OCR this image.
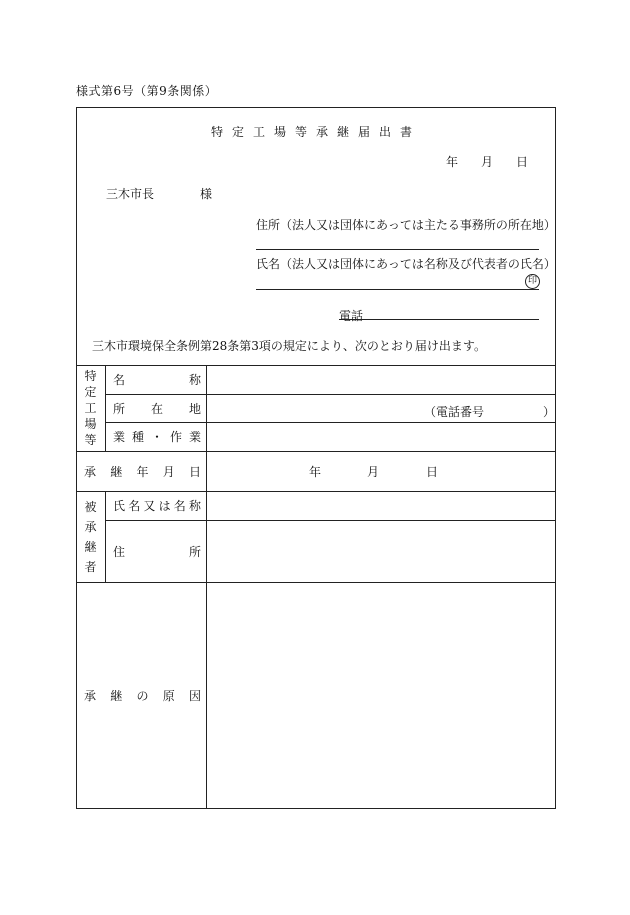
様式第6号（第9条関係）
特定工場等承継届出書
年 月 日
三木市長	様
住所（法人又は団体にあっては主たる事務所の所在地）
氏名（法人又は団体にあっては名称及び代表者の氏名）
印
電話
三木市環境保全条例第28条第3項の規定により、次のとおり届け出ます。
特
定
工
場
等
名	称
所 在 地	（電話番号	）
業 種 ・ 作 業
承 継 年 月 日	年	月	日
被
承
継
者
氏 名 又 は 名 称
住	所
承 継 の 原 因
